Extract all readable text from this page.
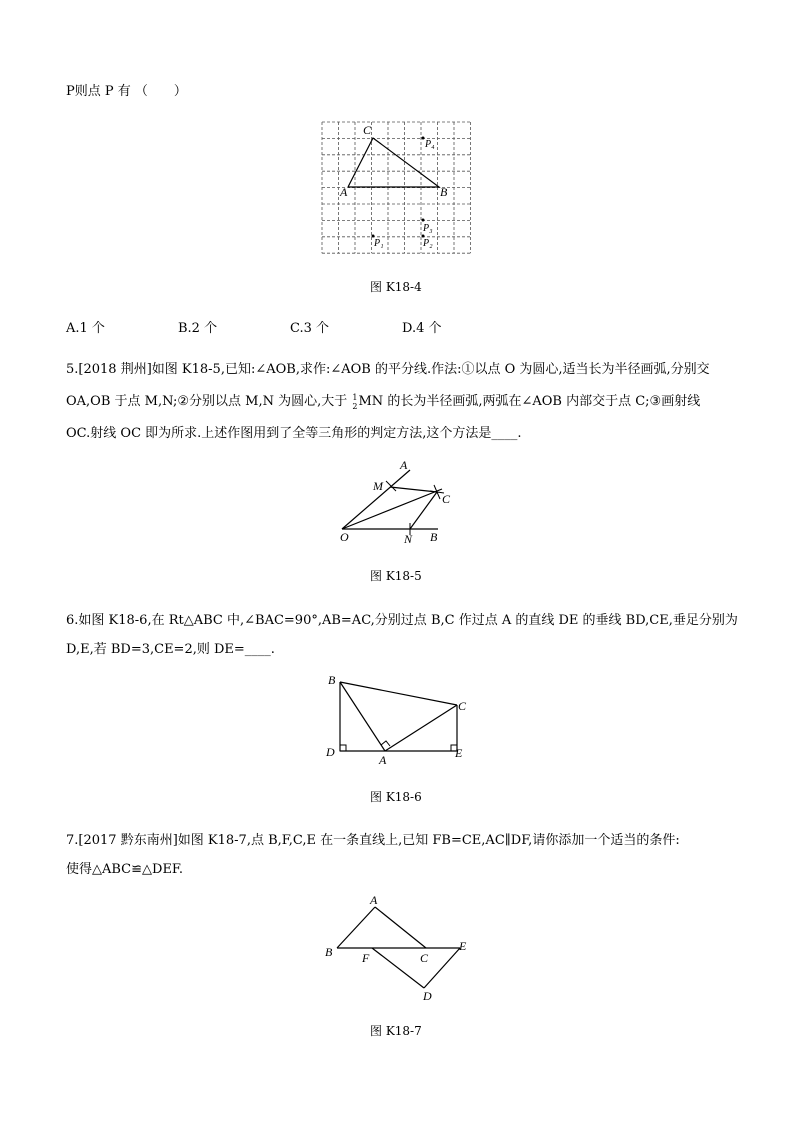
P则点 P 有 （　　）
C
A	B
P₄
P₃
P₂
P₁
图 K18-4
A.1 个	B.2 个	C.3 个	D.4 个
5.[2018 荆州]如图 K18-5,已知:∠AOB,求作:∠AOB 的平分线.作法:①以点 O 为圆心,适当长为半径画弧,分别交
OA,OB 于点 M,N;②分别以点 M,N 为圆心,大于 1
2 MN 的长为半径画弧,两弧在∠AOB 内部交于点 C;③画射线
OC.射线 OC 即为所求.上述作图用到了全等三角形的判定方法,这个方法是____.
A
M
C
O	N B
图 K18-5
6.如图 K18-6,在 Rt△ABC 中,∠BAC=90°,AB=AC,分别过点 B,C 作过点 A 的直线 DE 的垂线 BD,CE,垂足分别为
D,E,若 BD=3,CE=2,则 DE=____.
B
C
D
A	E
图 K18-6
7.[2017 黔东南州]如图 K18-7,点 B,F,C,E 在一条直线上,已知 FB=CE,AC∥DF,请你添加一个适当的条件:
使得△ABC≌△DEF.
A
B F	C
E
D
图 K18-7
